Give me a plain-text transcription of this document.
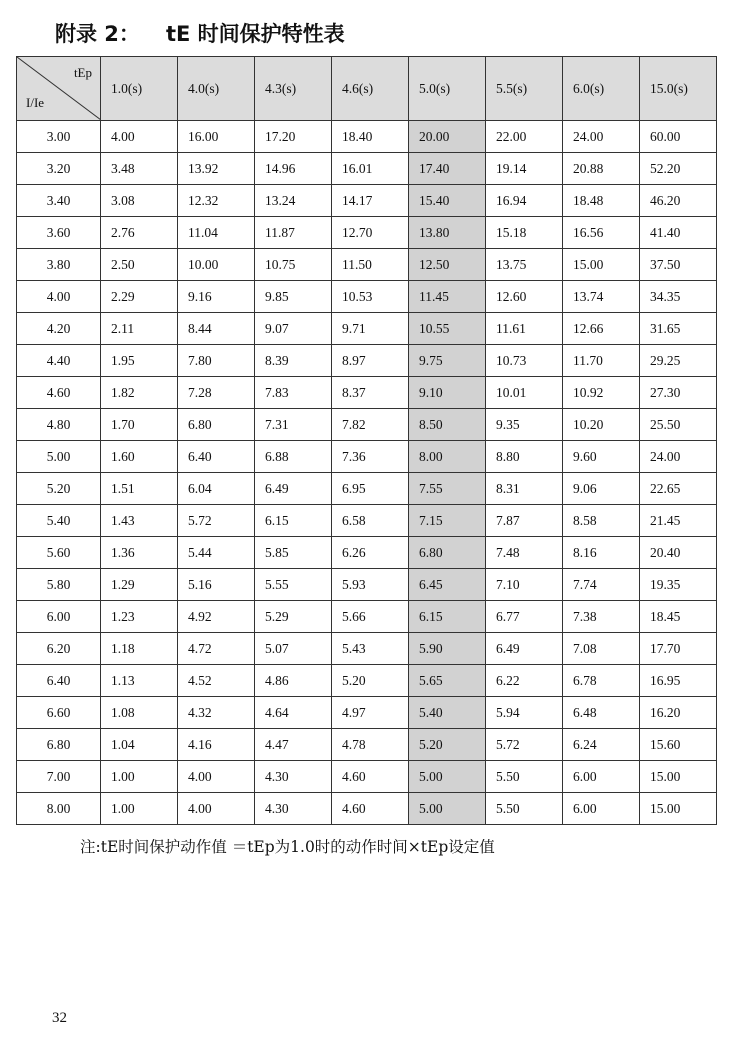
附录 2： tE 时间保护特性表
tEp
I/Ie	1.0(s)	4.0(s)	4.3(s)	4.6(s)	5.0(s)	5.5(s)	6.0(s)	15.0(s)
3.00	4.00	16.00	17.20	18.40	20.00	22.00	24.00	60.00
3.20	3.48	13.92	14.96	16.01	17.40	19.14	20.88	52.20
3.40	3.08	12.32	13.24	14.17	15.40	16.94	18.48	46.20
3.60	2.76	11.04	11.87	12.70	13.80	15.18	16.56	41.40
3.80	2.50	10.00	10.75	11.50	12.50	13.75	15.00	37.50
4.00	2.29	9.16	9.85	10.53	11.45	12.60	13.74	34.35
4.20	2.11	8.44	9.07	9.71	10.55	11.61	12.66	31.65
4.40	1.95	7.80	8.39	8.97	9.75	10.73	11.70	29.25
4.60	1.82	7.28	7.83	8.37	9.10	10.01	10.92	27.30
4.80	1.70	6.80	7.31	7.82	8.50	9.35	10.20	25.50
5.00	1.60	6.40	6.88	7.36	8.00	8.80	9.60	24.00
5.20	1.51	6.04	6.49	6.95	7.55	8.31	9.06	22.65
5.40	1.43	5.72	6.15	6.58	7.15	7.87	8.58	21.45
5.60	1.36	5.44	5.85	6.26	6.80	7.48	8.16	20.40
5.80	1.29	5.16	5.55	5.93	6.45	7.10	7.74	19.35
6.00	1.23	4.92	5.29	5.66	6.15	6.77	7.38	18.45
6.20	1.18	4.72	5.07	5.43	5.90	6.49	7.08	17.70
6.40	1.13	4.52	4.86	5.20	5.65	6.22	6.78	16.95
6.60	1.08	4.32	4.64	4.97	5.40	5.94	6.48	16.20
6.80	1.04	4.16	4.47	4.78	5.20	5.72	6.24	15.60
7.00	1.00	4.00	4.30	4.60	5.00	5.50	6.00	15.00
8.00	1.00	4.00	4.30	4.60	5.00	5.50	6.00	15.00
注:tE时间保护动作值 ＝tEp为1.0时的动作时间×tEp设定值
32
